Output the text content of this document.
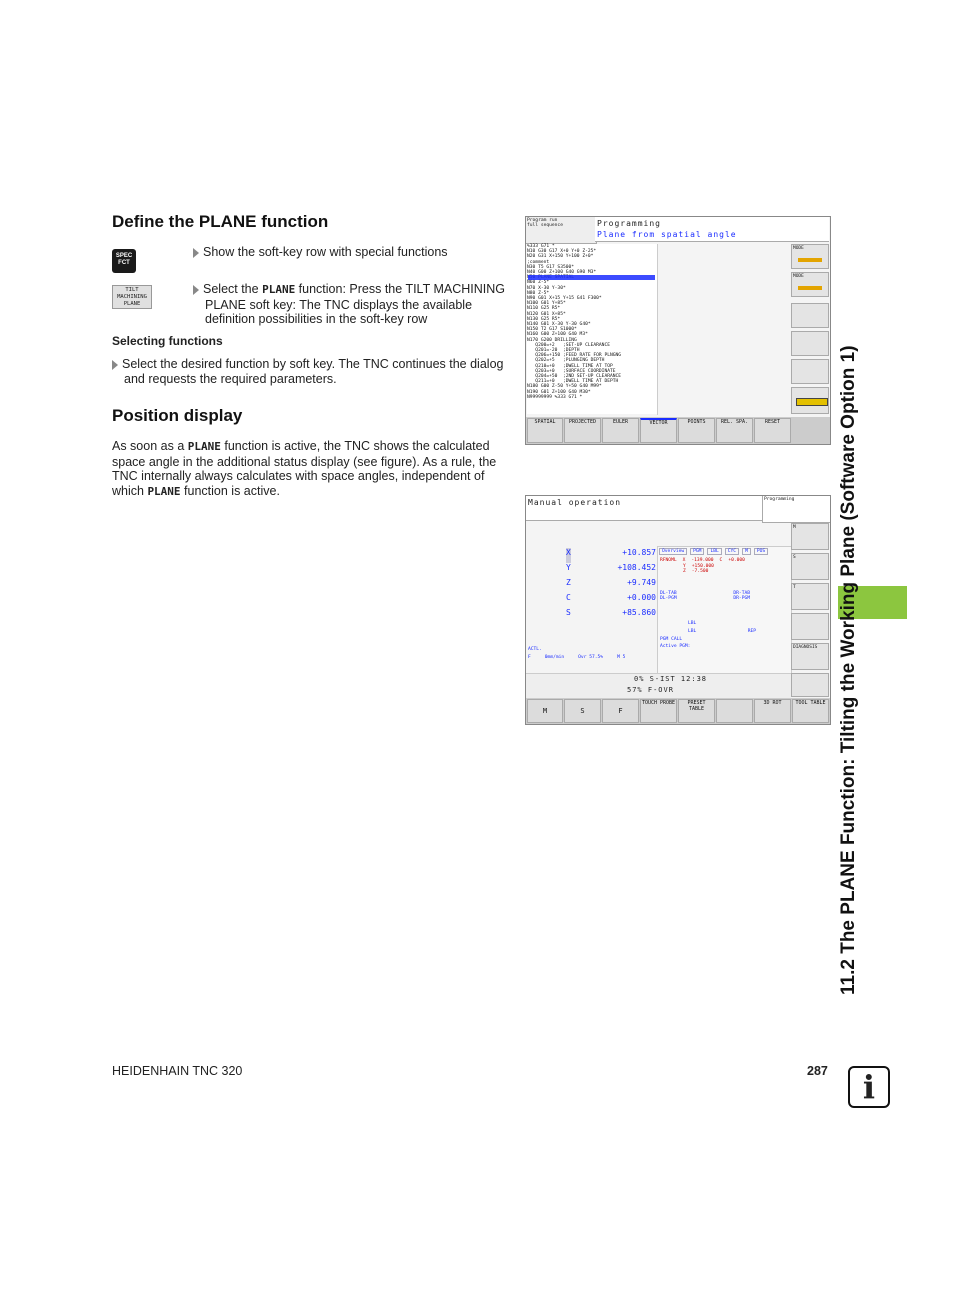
Define the PLANE function
SPEC
FCT
Show the soft-key row with special functions
TILT
MACHINING
PLANE
Select the PLANE function: Press the TILT MACHINING PLANE soft key: The TNC displays the available definition possibilities in the soft-key row
Selecting functions
Select the desired function by soft key. The TNC continues the dialog and requests the required parameters.
Position display
As soon as a PLANE function is active, the TNC shows the calculated space angle in the additional status display (see figure). As a rule, the TNC internally always calculates with space angles, independent of which PLANE function is active.	11.2 The PLANE Function: Tilting the Working Plane (Software Option 1)
Program run
full sequence	Programming
Plane from spatial angle
%333 G71 *
N10 G30 G17 X+0 Y+0 Z-25*
N20 G31 X+150 Y+100 Z+0*
;comment
N30 T5 G17 S3500*
N40 G00 Z+100 G40 G90 M3*

N60 Z-5*
N70 X-30 Y-30*
N80 Z-5*
N90 G01 X+15 Y+15 G41 F300*
N100 G01 Y+85*
N110 G25 R5*
N120 G01 X+85*
N130 G25 R5*
N140 G01 X-30 Y-30 G40*
N150 T2 G17 S1000*
N160 G00 Z+100 G40 M3*
N170 G200 DRILLING
Q200=+2   ;SET-UP CLEARANCE
Q201=-20  ;DEPTH
Q206=+150 ;FEED RATE FOR PLNGNG
Q202=+5   ;PLUNGING DEPTH
Q210=+0   ;DWELL TIME AT TOP
Q203=+0   ;SURFACE COORDINATE
Q204=+50  ;2ND SET-UP CLEARANCE
Q211=+0   ;DWELL TIME AT DEPTH
N180 G00 Z-50 Y+50 G40 M99*
N190 G01 Z+100 G40 M30*
N99999999 %333 G71 *
MODE
MODE
SPATIAL	PROJECTED	EULER	VECTOR	POINTS	REL. SPA.	RESET
Manual operation	Programming
X	+10.857
Y	+108.452
Z	+9.749
C	+0.000
S	+85.860
ACTL.
F	0mm/min	Ovr 57.5%	M 5
Overview	PGM	LBL	CYC	M	POS
RFNOML X -139.000 C +0.000
Y +150.000
Z -7.500
DL-TAB	DR-TAB
DL-PGM	DR-PGM
LBL
LBL	REP
PGM CALL
Active PGM:
0% S-IST 12:38
57% F-OVR
M
S
T
DIAGNOSIS
M	S	F
TOUCH PROBE	PRESET TABLE
3D ROT	TOOL TABLE
HEIDENHAIN TNC 320	287	i
